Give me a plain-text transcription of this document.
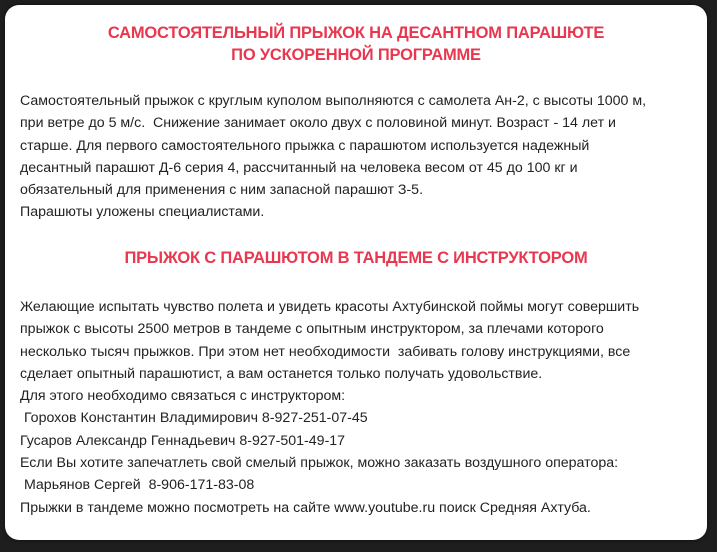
САМОСТОЯТЕЛЬНЫЙ ПРЫЖОК НА ДЕСАНТНОМ ПАРАШЮТЕ
ПО УСКОРЕННОЙ ПРОГРАММЕ
Самостоятельный прыжок с круглым куполом выполняются с самолета Ан-2, с высоты 1000 м,
при ветре до 5 м/с.  Снижение занимает около двух с половиной минут. Возраст - 14 лет и
старше. Для первого самостоятельного прыжка с парашютом используется надежный
десантный парашют Д-6 серия 4, рассчитанный на человека весом от 45 до 100 кг и
обязательный для применения с ним запасной парашют З-5.
Парашюты уложены специалистами.
ПРЫЖОК С ПАРАШЮТОМ В ТАНДЕМЕ С ИНСТРУКТОРОМ
Желающие испытать чувство полета и увидеть красоты Ахтубинской поймы могут совершить
прыжок с высоты 2500 метров в тандеме с опытным инструктором, за плечами которого
несколько тысяч прыжков. При этом нет необходимости  забивать голову инструкциями, все
сделает опытный парашютист, а вам останется только получать удовольствие.
Для этого необходимо связаться с инструктором:
Горохов Константин Владимирович 8-927-251-07-45
Гусаров Александр Геннадьевич 8-927-501-49-17
Если Вы хотите запечатлеть свой смелый прыжок, можно заказать воздушного оператора:
Марьянов Сергей  8-906-171-83-08
Прыжки в тандеме можно посмотреть на сайте www.youtube.ru поиск Средняя Ахтуба.
